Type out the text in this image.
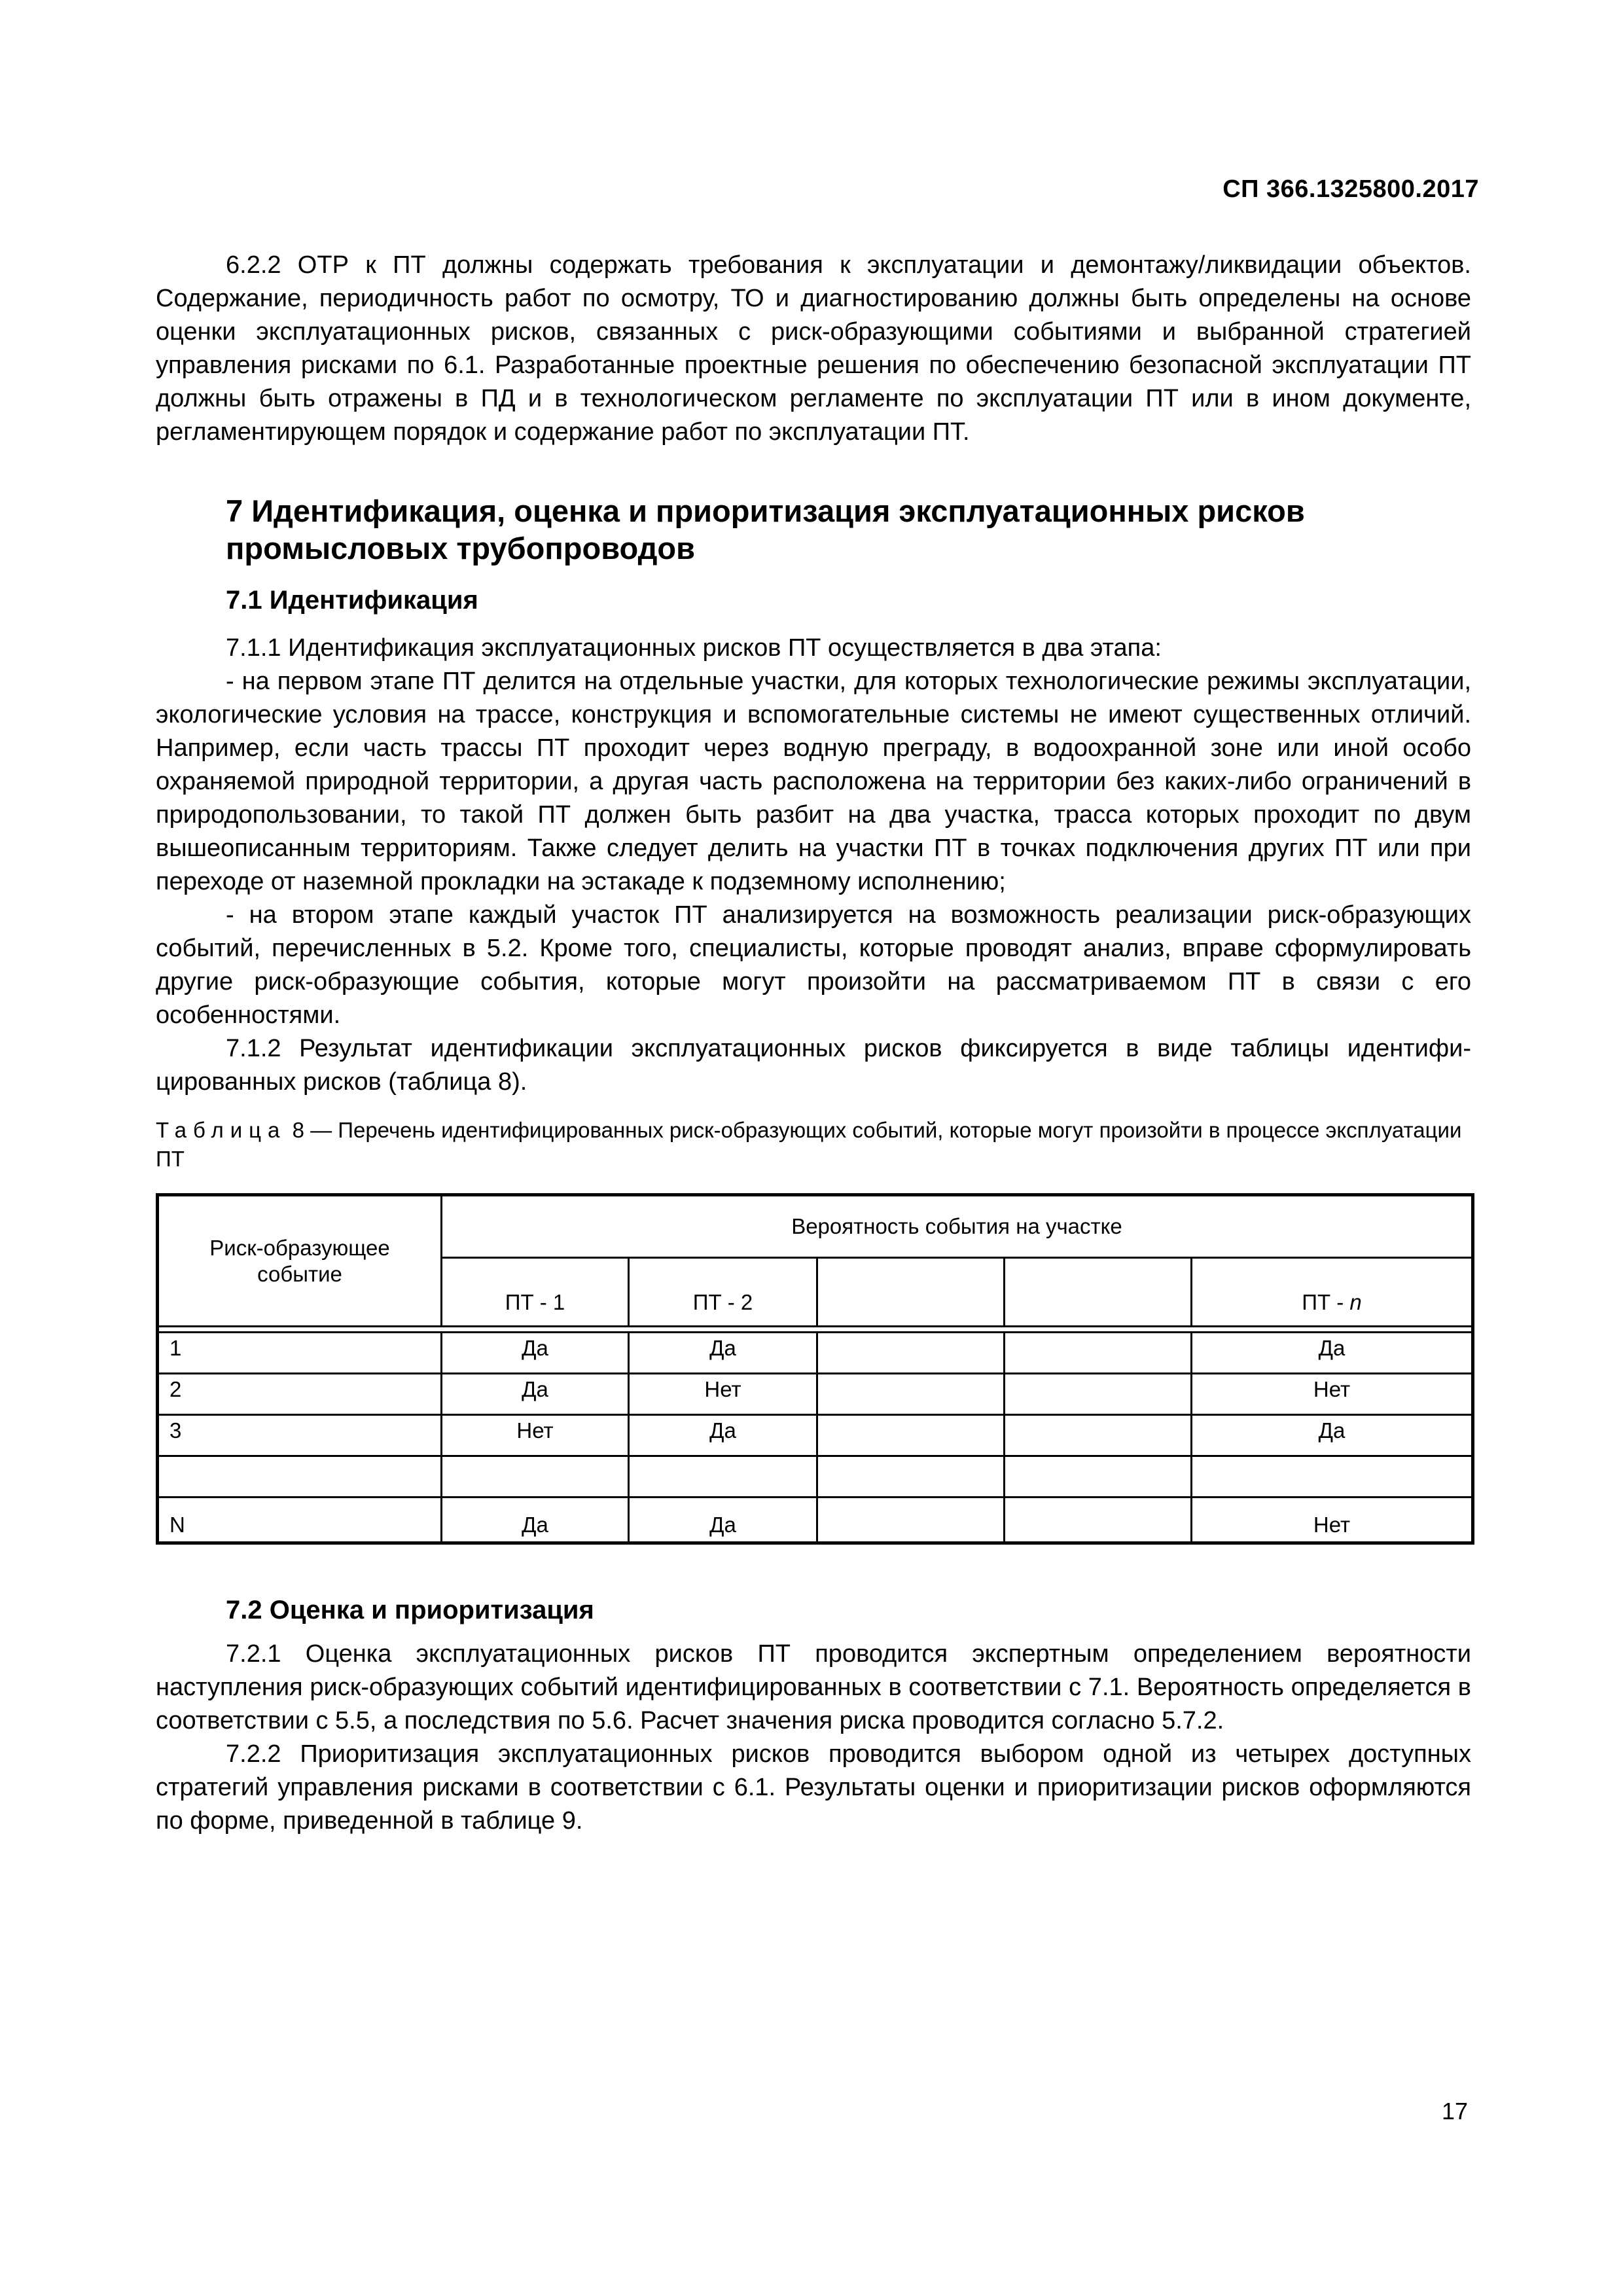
СП 366.1325800.2017

6.2.2 ОТР к ПТ должны содержать требования к эксплуатации и демонтажу/ликвидации объектов. Содержание, периодичность работ по осмотру, ТО и диагностированию должны быть определены на основе оценки эксплуатационных рисков, связанных с риск-образующими событиями и выбранной стратегией управления рисками по 6.1. Разработанные проектные решения по обеспечению безопасной эксплуатации ПТ должны быть отражены в ПД и в технологическом регламенте по эксплуатации ПТ или в ином документе, регламентирующем порядок и содержание работ по эксплуатации ПТ.

7 Идентификация, оценка и приоритизация эксплуатационных рисков промысловых трубопроводов
7.1 Идентификация

7.1.1 Идентификация эксплуатационных рисков ПТ осуществляется в два этапа:

- на первом этапе ПТ делится на отдельные участки, для которых технологические режимы эксплуатации, экологические условия на трассе, конструкция и вспомогательные системы не имеют существенных отличий. Например, если часть трассы ПТ проходит через водную преграду, в водоохранной зоне или иной особо охраняемой природной территории, а другая часть расположена на территории без каких-либо ограничений в природопользовании, то такой ПТ должен быть разбит на два участка, трасса которых проходит по двум вышеописанным территориям. Также следует делить на участки ПТ в точках подключения других ПТ или при переходе от наземной прокладки на эстакаде к подземному исполнению;

- на втором этапе каждый участок ПТ анализируется на возможность реализации риск-образующих событий, перечисленных в 5.2. Кроме того, специалисты, которые проводят анализ, вправе сформулировать другие риск-образующие события, которые могут произойти на рассматриваемом ПТ в связи с его особенностями.

7.1.2 Результат идентификации эксплуатационных рисков фиксируется в виде таблицы идентифицированных рисков (таблица 8).

Таблица 8 — Перечень идентифицированных риск-образующих событий, которые могут произойти в процессе эксплуатации ПТ
Риск-образующее событие	Вероятность события на участке				
	ПТ - 1	ПТ - 2			ПТ - n

1	Да	Да			Да
2	Да	Нет			Нет
3	Нет	Да			Да

N	Да	Да			Нет
7.2 Оценка и приоритизация

7.2.1 Оценка эксплуатационных рисков ПТ проводится экспертным определением вероятности наступления риск-образующих событий идентифицированных в соответствии с 7.1. Вероятность определяется в соответствии с 5.5, а последствия по 5.6. Расчет значения риска проводится согласно 5.7.2.

7.2.2 Приоритизация эксплуатационных рисков проводится выбором одной из четырех доступных стратегий управления рисками в соответствии с 6.1. Результаты оценки и приоритизации рисков оформляются по форме, приведенной в таблице 9.

17
